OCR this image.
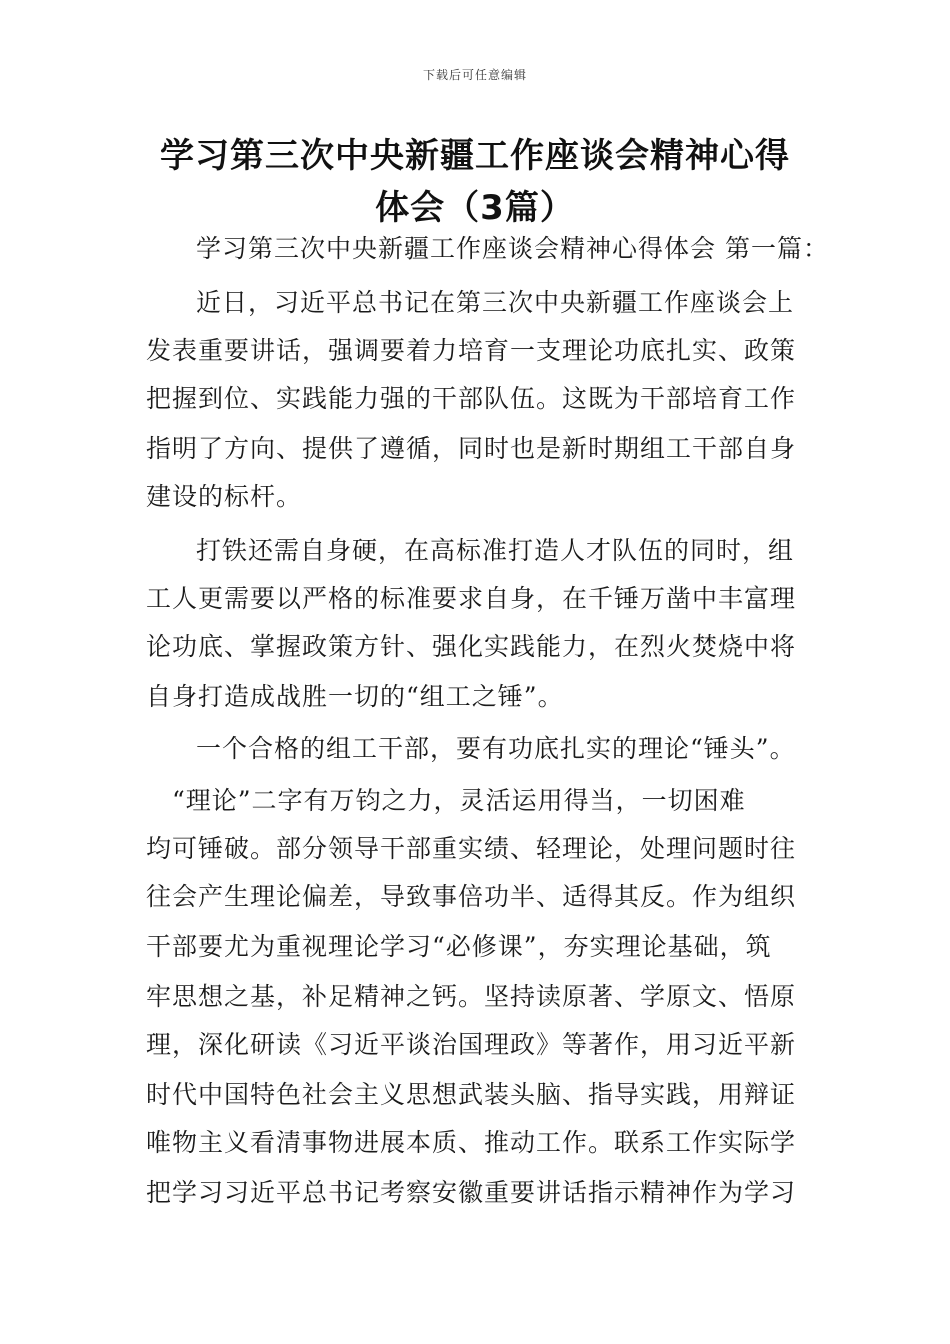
下载后可任意编辑
学习第三次中央新疆工作座谈会精神心得
体会（3篇）
学习第三次中央新疆工作座谈会精神心得体会 第一篇：
近日，习近平总书记在第三次中央新疆工作座谈会上
发表重要讲话，强调要着力培育一支理论功底扎实、政策
把握到位、实践能力强的干部队伍。这既为干部培育工作
指明了方向、提供了遵循，同时也是新时期组工干部自身
建设的标杆。
打铁还需自身硬，在高标准打造人才队伍的同时，组
工人更需要以严格的标准要求自身，在千锤万凿中丰富理
论功底、掌握政策方针、强化实践能力，在烈火焚烧中将
自身打造成战胜一切的“组工之锤”。
一个合格的组工干部，要有功底扎实的理论“锤头”。
“理论”二字有万钧之力，灵活运用得当，一切困难
均可锤破。部分领导干部重实绩、轻理论，处理问题时往
往会产生理论偏差，导致事倍功半、适得其反。作为组织
干部要尤为重视理论学习“必修课”，夯实理论基础，筑
牢思想之基，补足精神之钙。坚持读原著、学原文、悟原
理，深化研读《习近平谈治国理政》等著作，用习近平新
时代中国特色社会主义思想武装头脑、指导实践，用辩证
唯物主义看清事物进展本质、推动工作。联系工作实际学
把学习习近平总书记考察安徽重要讲话指示精神作为学习
